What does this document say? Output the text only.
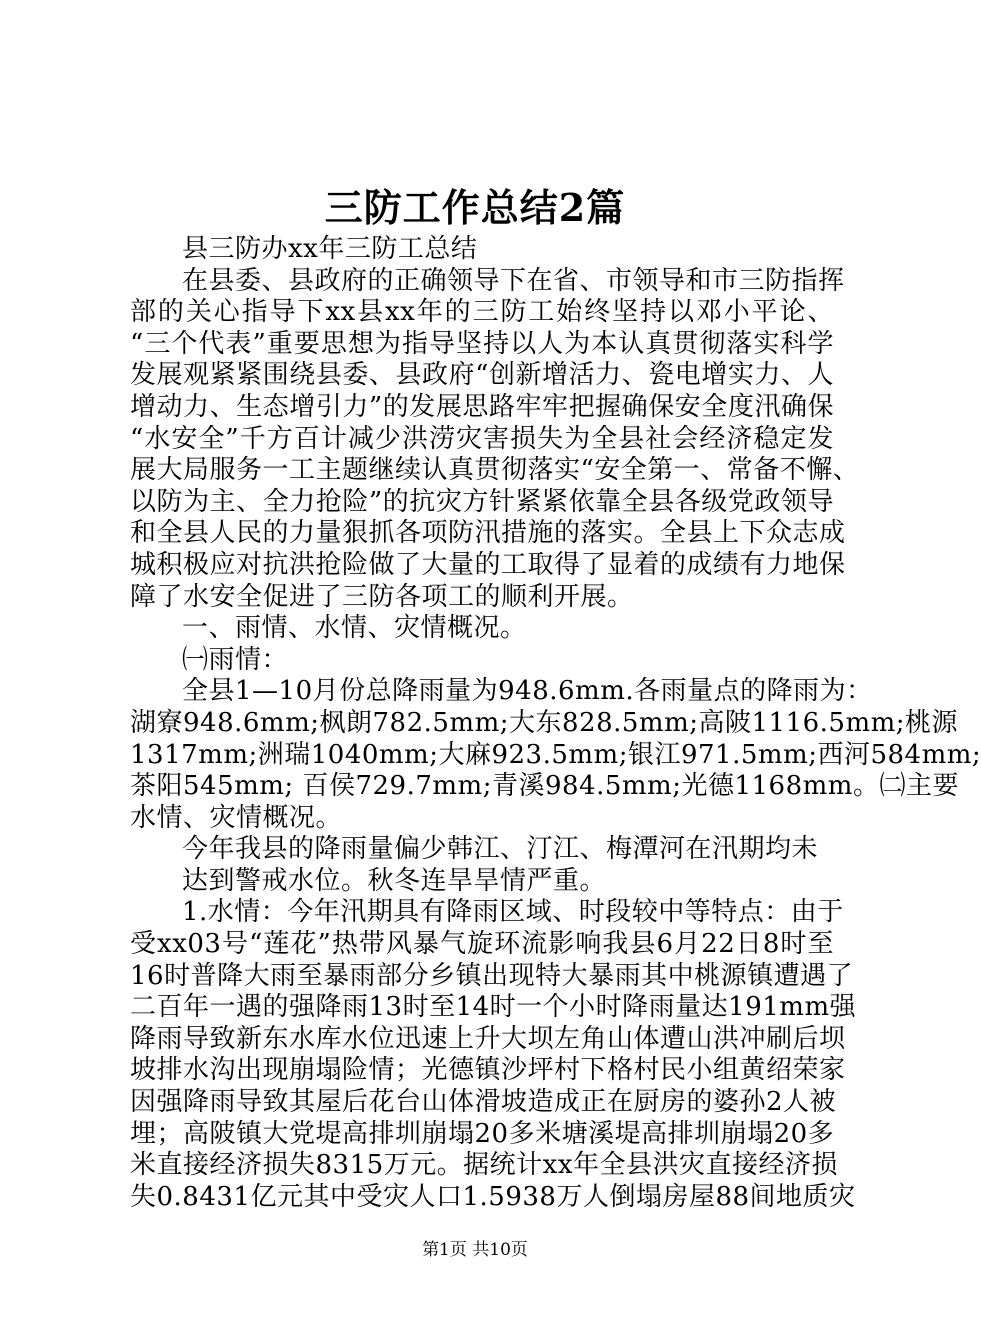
三防工作总结2篇
县三防办xx年三防工总结
在县委、县政府的正确领导下在省、市领导和市三防指挥
部的关心指导下xx县xx年的三防工始终坚持以邓小平论、
“三个代表”重要思想为指导坚持以人为本认真贯彻落实科学
发展观紧紧围绕县委、县政府“创新增活力、瓷电增实力、人
增动力、生态增引力”的发展思路牢牢把握确保安全度汛确保
“水安全”千方百计减少洪涝灾害损失为全县社会经济稳定发
展大局服务一工主题继续认真贯彻落实“安全第一、常备不懈、
以防为主、全力抢险”的抗灾方针紧紧依靠全县各级党政领导
和全县人民的力量狠抓各项防汛措施的落实。全县上下众志成
城积极应对抗洪抢险做了大量的工取得了显着的成绩有力地保
障了水安全促进了三防各项工的顺利开展。
一、雨情、水情、灾情概况。
㈠雨情：
全县1—10月份总降雨量为948.6mm.各雨量点的降雨为：
湖寮948.6mm;枫朗782.5mm;大东828.5mm;高陂1116.5mm;桃源
1317mm;洲瑞1040mm;大麻923.5mm;银江971.5mm;西河584mm;
茶阳545mm; 百侯729.7mm;青溪984.5mm;光德1168mm。㈡主要
水情、灾情概况。
今年我县的降雨量偏少韩江、汀江、梅潭河在汛期均未
达到警戒水位。秋冬连旱旱情严重。
1.水情：今年汛期具有降雨区域、时段较中等特点：由于
受xx03号“莲花”热带风暴气旋环流影响我县6月22日8时至
16时普降大雨至暴雨部分乡镇出现特大暴雨其中桃源镇遭遇了
二百年一遇的强降雨13时至14时一个小时降雨量达191mm强
降雨导致新东水库水位迅速上升大坝左角山体遭山洪冲刷后坝
坡排水沟出现崩塌险情；光德镇沙坪村下格村民小组黄绍荣家
因强降雨导致其屋后花台山体滑坡造成正在厨房的婆孙2人被
埋；高陂镇大党堤高排圳崩塌20多米塘溪堤高排圳崩塌20多
米直接经济损失8315万元。据统计xx年全县洪灾直接经济损
失0.8431亿元其中受灾人口1.5938万人倒塌房屋88间地质灾
第1页 共10页
